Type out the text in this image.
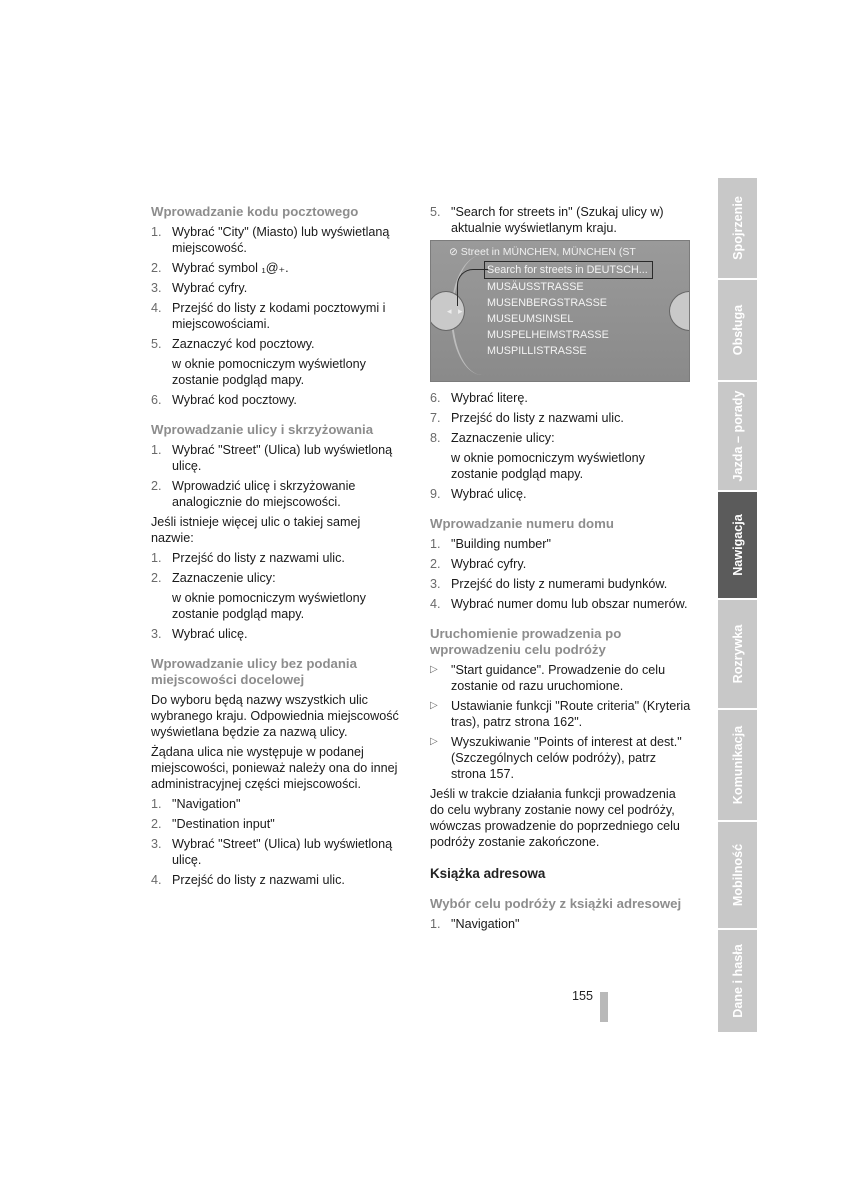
Wprowadzanie kodu pocztowego
1. Wybrać "City" (Miasto) lub wyświetlaną miejscowość.
2. Wybrać symbol ₁@₊.
3. Wybrać cyfry.
4. Przejść do listy z kodami pocztowymi i miejscowościami.
5. Zaznaczyć kod pocztowy.
w oknie pomocniczym wyświetlony zostanie podgląd mapy.
6. Wybrać kod pocztowy.
Wprowadzanie ulicy i skrzyżowania
1. Wybrać "Street" (Ulica) lub wyświetloną ulicę.
2. Wprowadzić ulicę i skrzyżowanie analogicznie do miejscowości.
Jeśli istnieje więcej ulic o takiej samej nazwie:
1. Przejść do listy z nazwami ulic.
2. Zaznaczenie ulicy:
w oknie pomocniczym wyświetlony zostanie podgląd mapy.
3. Wybrać ulicę.
Wprowadzanie ulicy bez podania miejscowości docelowej
Do wyboru będą nazwy wszystkich ulic wybranego kraju. Odpowiednia miejscowość wyświetlana będzie za nazwą ulicy.
Żądana ulica nie występuje w podanej miejscowości, ponieważ należy ona do innej administracyjnej części miejscowości.
1. "Navigation"
2. "Destination input"
3. Wybrać "Street" (Ulica) lub wyświetloną ulicę.
4. Przejść do listy z nazwami ulic.
5. "Search for streets in" (Szukaj ulicy w) aktualnie wyświetlanym kraju.
◂ ▸
⊘ Street in MÜNCHEN, MÜNCHEN (ST
Search for streets in DEUTSCH...
MUSÄUSSTRASSE
MUSENBERGSTRASSE
MUSEUMSINSEL
MUSPELHEIMSTRASSE
MUSPILLISTRASSE
6. Wybrać literę.
7. Przejść do listy z nazwami ulic.
8. Zaznaczenie ulicy:
w oknie pomocniczym wyświetlony zostanie podgląd mapy.
9. Wybrać ulicę.
Wprowadzanie numeru domu
1. "Building number"
2. Wybrać cyfry.
3. Przejść do listy z numerami budynków.
4. Wybrać numer domu lub obszar numerów.
Uruchomienie prowadzenia po wprowadzeniu celu podróży
▷	"Start guidance". Prowadzenie do celu zostanie od razu uruchomione.
▷	Ustawianie funkcji "Route criteria" (Kryteria tras), patrz strona 162".
▷	Wyszukiwanie "Points of interest at dest." (Szczególnych celów podróży), patrz strona 157.
Jeśli w trakcie działania funkcji prowadzenia do celu wybrany zostanie nowy cel podróży, wówczas prowadzenie do poprzedniego celu podróży zostanie zakończone.
Książka adresowa
Wybór celu podróży z książki adresowej
1. "Navigation"
Spojrzenie
Obsługa
Jazda – porady
Nawigacja
Rozrywka
Komunikacja
Mobilność
Dane i hasła
155
